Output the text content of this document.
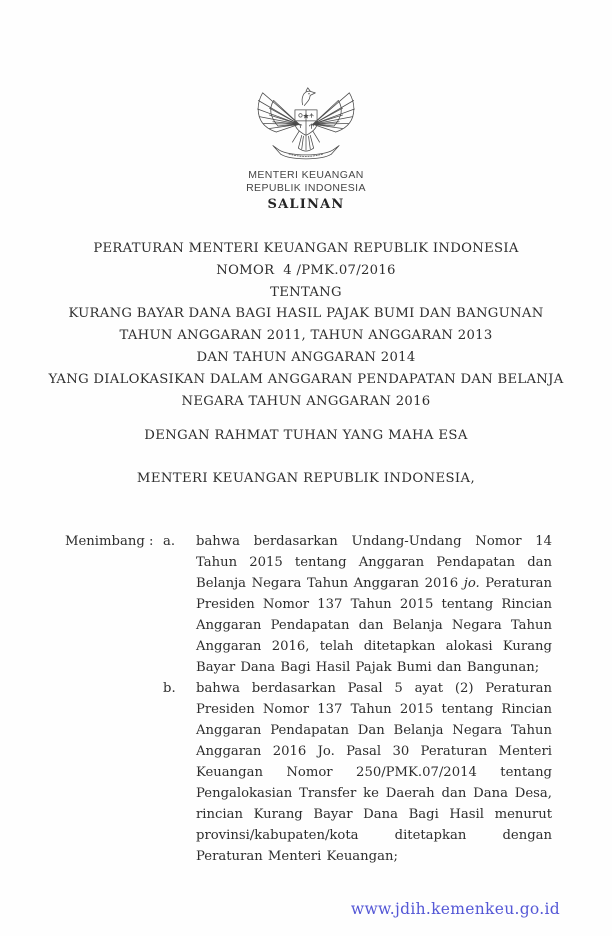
MENTERI KEUANGAN
REPUBLIK INDONESIA
SALINAN
PERATURAN MENTERI KEUANGAN REPUBLIK INDONESIA
NOMOR  4 /PMK.07/2016
TENTANG
KURANG BAYAR DANA BAGI HASIL PAJAK BUMI DAN BANGUNAN
TAHUN ANGGARAN 2011, TAHUN ANGGARAN 2013
DAN TAHUN ANGGARAN 2014
YANG DIALOKASIKAN DALAM ANGGARAN PENDAPATAN DAN BELANJA
NEGARA TAHUN ANGGARAN 2016
DENGAN RAHMAT TUHAN YANG MAHA ESA
MENTERI KEUANGAN REPUBLIK INDONESIA,
Menimbang : a.	bahwa berdasarkan Undang-Undang Nomor 14 Tahun 2015 tentang Anggaran Pendapatan dan Belanja Negara Tahun Anggaran 2016 jo. Peraturan Presiden Nomor 137 Tahun 2015 tentang Rincian Anggaran Pendapatan dan Belanja Negara Tahun Anggaran 2016, telah ditetapkan alokasi Kurang Bayar Dana Bagi Hasil Pajak Bumi dan Bangunan;
b.	bahwa berdasarkan Pasal 5 ayat (2) Peraturan Presiden Nomor 137 Tahun 2015 tentang Rincian Anggaran Pendapatan Dan Belanja Negara Tahun Anggaran 2016 Jo. Pasal 30 Peraturan Menteri Keuangan Nomor 250/PMK.07/2014 tentang Pengalokasian Transfer ke Daerah dan Dana Desa, rincian Kurang Bayar Dana Bagi Hasil menurut provinsi/kabupaten/kota ditetapkan dengan Peraturan Menteri Keuangan;
www.jdih.kemenkeu.go.id
